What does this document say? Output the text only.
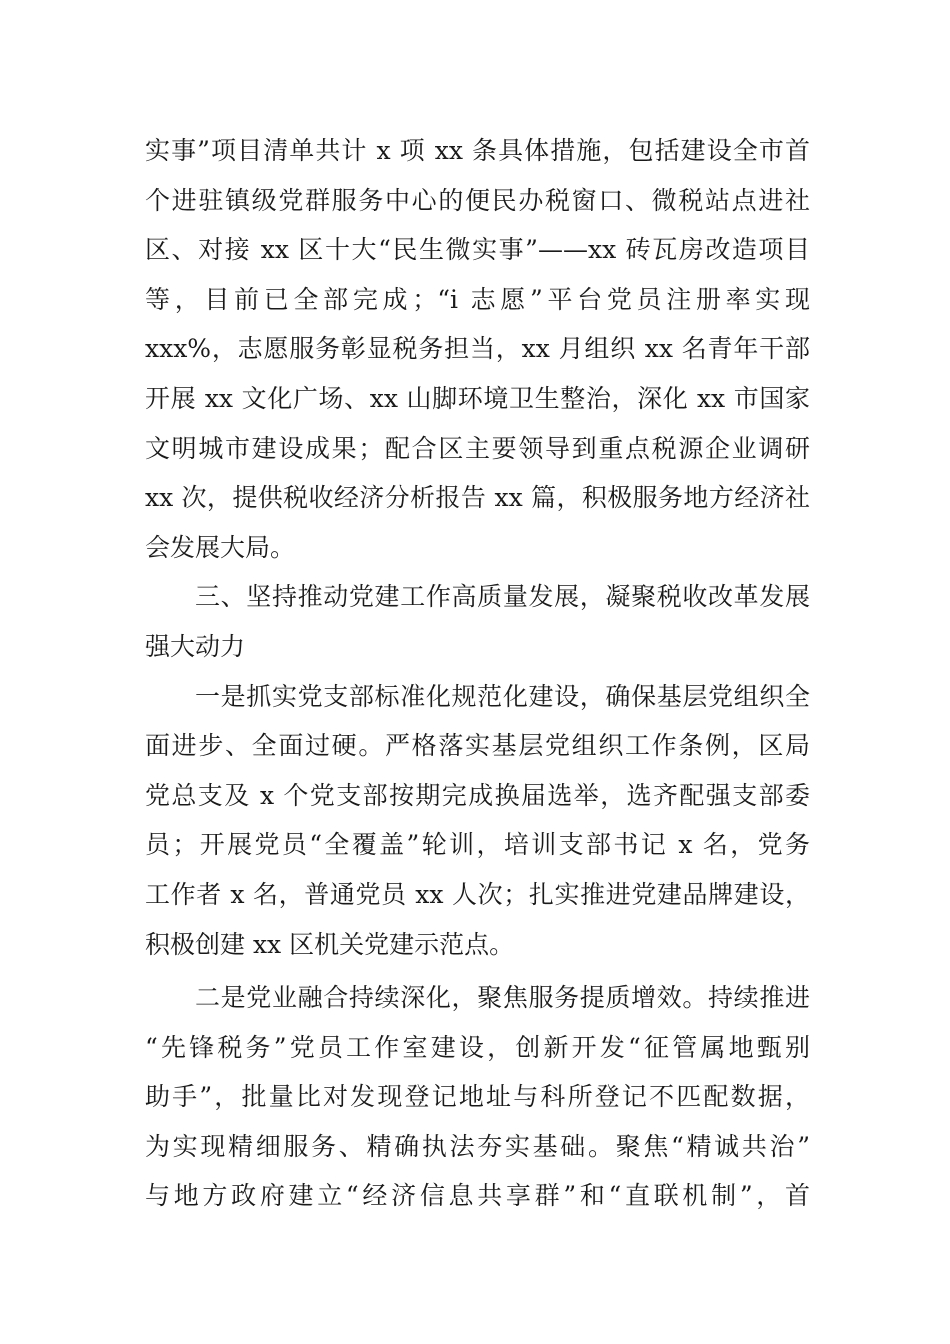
实事”项目清单共计 x 项 xx 条具体措施，包括建设全市首
个进驻镇级党群服务中心的便民办税窗口、微税站点进社
区、对接 xx 区十大“民生微实事”——xx 砖瓦房改造项目
等，目前已全部完成；“i 志愿”平台党员注册率实现
xxx%，志愿服务彰显税务担当，xx 月组织 xx 名青年干部
开展 xx 文化广场、xx 山脚环境卫生整治，深化 xx 市国家
文明城市建设成果；配合区主要领导到重点税源企业调研
xx 次，提供税收经济分析报告 xx 篇，积极服务地方经济社
会发展大局。
三、坚持推动党建工作高质量发展，凝聚税收改革发展
强大动力
一是抓实党支部标准化规范化建设，确保基层党组织全
面进步、全面过硬。严格落实基层党组织工作条例，区局
党总支及 x 个党支部按期完成换届选举，选齐配强支部委
员；开展党员“全覆盖”轮训，培训支部书记 x 名，党务
工作者 x 名，普通党员 xx 人次；扎实推进党建品牌建设，
积极创建 xx 区机关党建示范点。
二是党业融合持续深化，聚焦服务提质增效。持续推进
“先锋税务”党员工作室建设，创新开发“征管属地甄别
助手”，批量比对发现登记地址与科所登记不匹配数据，
为实现精细服务、精确执法夯实基础。聚焦“精诚共治”
与地方政府建立“经济信息共享群”和“直联机制”，首
